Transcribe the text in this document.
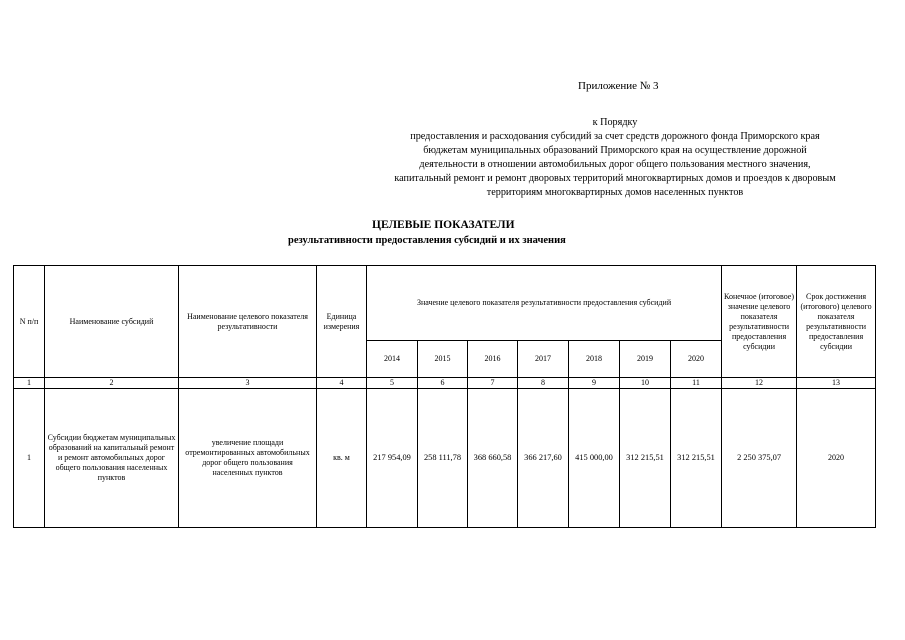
Приложение № 3
к Порядку
предоставления и расходования субсидий за счет средств дорожного фонда Приморского края
бюджетам муниципальных образований Приморского края на осуществление дорожной
деятельности в отношении автомобильных дорог общего пользования местного значения,
капитальный ремонт и ремонт дворовых территорий многоквартирных домов и проездов к дворовым
территориям многоквартирных домов населенных пунктов
ЦЕЛЕВЫЕ ПОКАЗАТЕЛИ
результативности предоставления субсидий и их значения
N п/п	Наименование субсидий	Наименование целевого показателя результативности	Единица измерения	Значение целевого показателя результативности предоставления субсидий							Конечное (итоговое) значение целевого показателя результативности предоставления субсидии	Срок достижения (итогового) целевого показателя результативности предоставления субсидии
				2014	2015	2016	2017	2018	2019	2020		
1	2	3	4	5	6	7	8	9	10	11	12	13
1	Субсидии бюджетам муниципальных образований на капитальный ремонт и ремонт автомобильных дорог общего пользования населенных пунктов	увеличение площади отремонтированных автомобильных дорог общего пользования населенных пунктов	кв. м	217 954,09	258 111,78	368 660,58	366 217,60	415 000,00	312 215,51	312 215,51	2 250 375,07	2020
